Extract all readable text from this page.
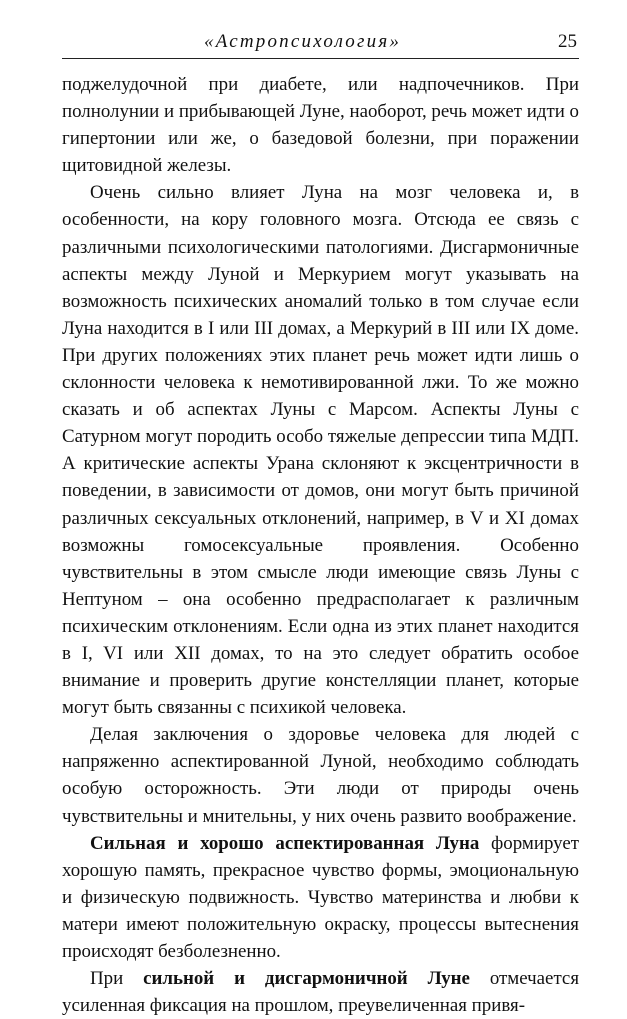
«Астропсихология»	25

поджелудочной при диабете, или надпочечников. При полнолунии и прибывающей Луне, наоборот, речь может идти о гипертонии или же, о базедовой болезни, при поражении щитовидной железы.

Очень сильно влияет Луна на мозг человека и, в особенности, на кору головного мозга. Отсюда ее связь с различными психологическими патологиями. Дисгармоничные аспекты между Луной и Меркурием могут указывать на возможность психических аномалий только в том случае если Луна находится в I или III домах, а Меркурий в III или IX доме. При других положениях этих планет речь может идти лишь о склонности человека к немотивированной лжи. То же можно сказать и об аспектах Луны с Марсом. Аспекты Луны с Сатурном могут породить особо тяжелые депрессии типа МДП. А критические аспекты Урана склоняют к эксцентричности в поведении, в зависимости от домов, они могут быть причиной различных сексуальных отклонений, например, в V и XI домах возможны гомосексуальные проявления. Особенно чувствительны в этом смысле люди имеющие связь Луны с Нептуном – она особенно предрасполагает к различным психическим отклонениям. Если одна из этих планет находится в I, VI или XII домах, то на это следует обратить особое внимание и проверить другие констелляции планет, которые могут быть связанны с психикой человека.

Делая заключения о здоровье человека для людей с напряженно аспектированной Луной, необходимо соблюдать особую осторожность. Эти люди от природы очень чувствительны и мнительны, у них очень развито воображение.

Сильная и хорошо аспектированная Луна формирует хорошую память, прекрасное чувство формы, эмоциональную и физическую подвижность. Чувство материнства и любви к матери имеют положительную окраску, процессы вытеснения происходят безболезненно.

При сильной и дисгармоничной Луне отмечается усиленная фиксация на прошлом, преувеличенная привя-
